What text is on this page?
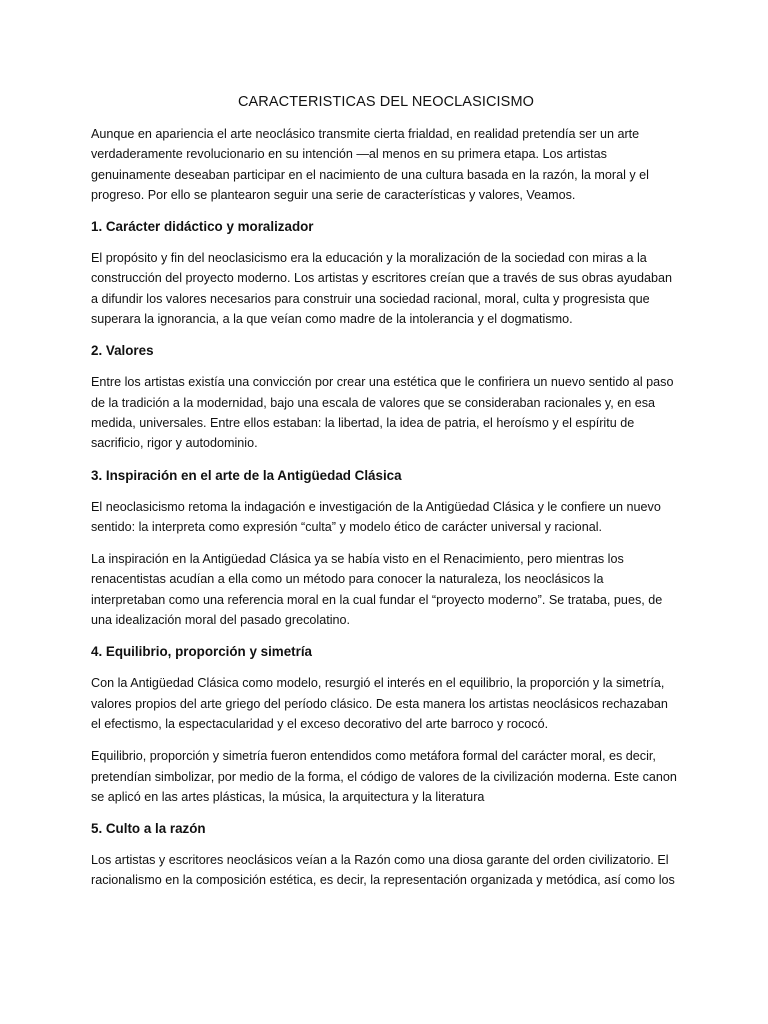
CARACTERISTICAS DEL NEOCLASICISMO

Aunque en apariencia el arte neoclásico transmite cierta frialdad, en realidad pretendía ser un arte verdaderamente revolucionario en su intención —al menos en su primera etapa. Los artistas genuinamente deseaban participar en el nacimiento de una cultura basada en la razón, la moral y el progreso. Por ello se plantearon seguir una serie de características y valores, Veamos.

1. Carácter didáctico y moralizador

El propósito y fin del neoclasicismo era la educación y la moralización de la sociedad con miras a la construcción del proyecto moderno. Los artistas y escritores creían que a través de sus obras ayudaban a difundir los valores necesarios para construir una sociedad racional, moral, culta y progresista que superara la ignorancia, a la que veían como madre de la intolerancia y el dogmatismo.

2. Valores

Entre los artistas existía una convicción por crear una estética que le confiriera un nuevo sentido al paso de la tradición a la modernidad, bajo una escala de valores que se consideraban racionales y, en esa medida, universales. Entre ellos estaban: la libertad, la idea de patria, el heroísmo y el espíritu de sacrificio, rigor y autodominio.

3. Inspiración en el arte de la Antigüedad Clásica

El neoclasicismo retoma la indagación e investigación de la Antigüedad Clásica y le confiere un nuevo sentido: la interpreta como expresión “culta” y modelo ético de carácter universal y racional.

La inspiración en la Antigüedad Clásica ya se había visto en el Renacimiento, pero mientras los renacentistas acudían a ella como un método para conocer la naturaleza, los neoclásicos la interpretaban como una referencia moral en la cual fundar el “proyecto moderno”. Se trataba, pues, de una idealización moral del pasado grecolatino.

4. Equilibrio, proporción y simetría

Con la Antigüedad Clásica como modelo, resurgió el interés en el equilibrio, la proporción y la simetría, valores propios del arte griego del período clásico. De esta manera los artistas neoclásicos rechazaban el efectismo, la espectacularidad y el exceso decorativo del arte barroco y rococó.

Equilibrio, proporción y simetría fueron entendidos como metáfora formal del carácter moral, es decir, pretendían simbolizar, por medio de la forma, el código de valores de la civilización moderna. Este canon se aplicó en las artes plásticas, la música, la arquitectura y la literatura

5. Culto a la razón

Los artistas y escritores neoclásicos veían a la Razón como una diosa garante del orden civilizatorio. El racionalismo en la composición estética, es decir, la representación organizada y metódica, así como los
